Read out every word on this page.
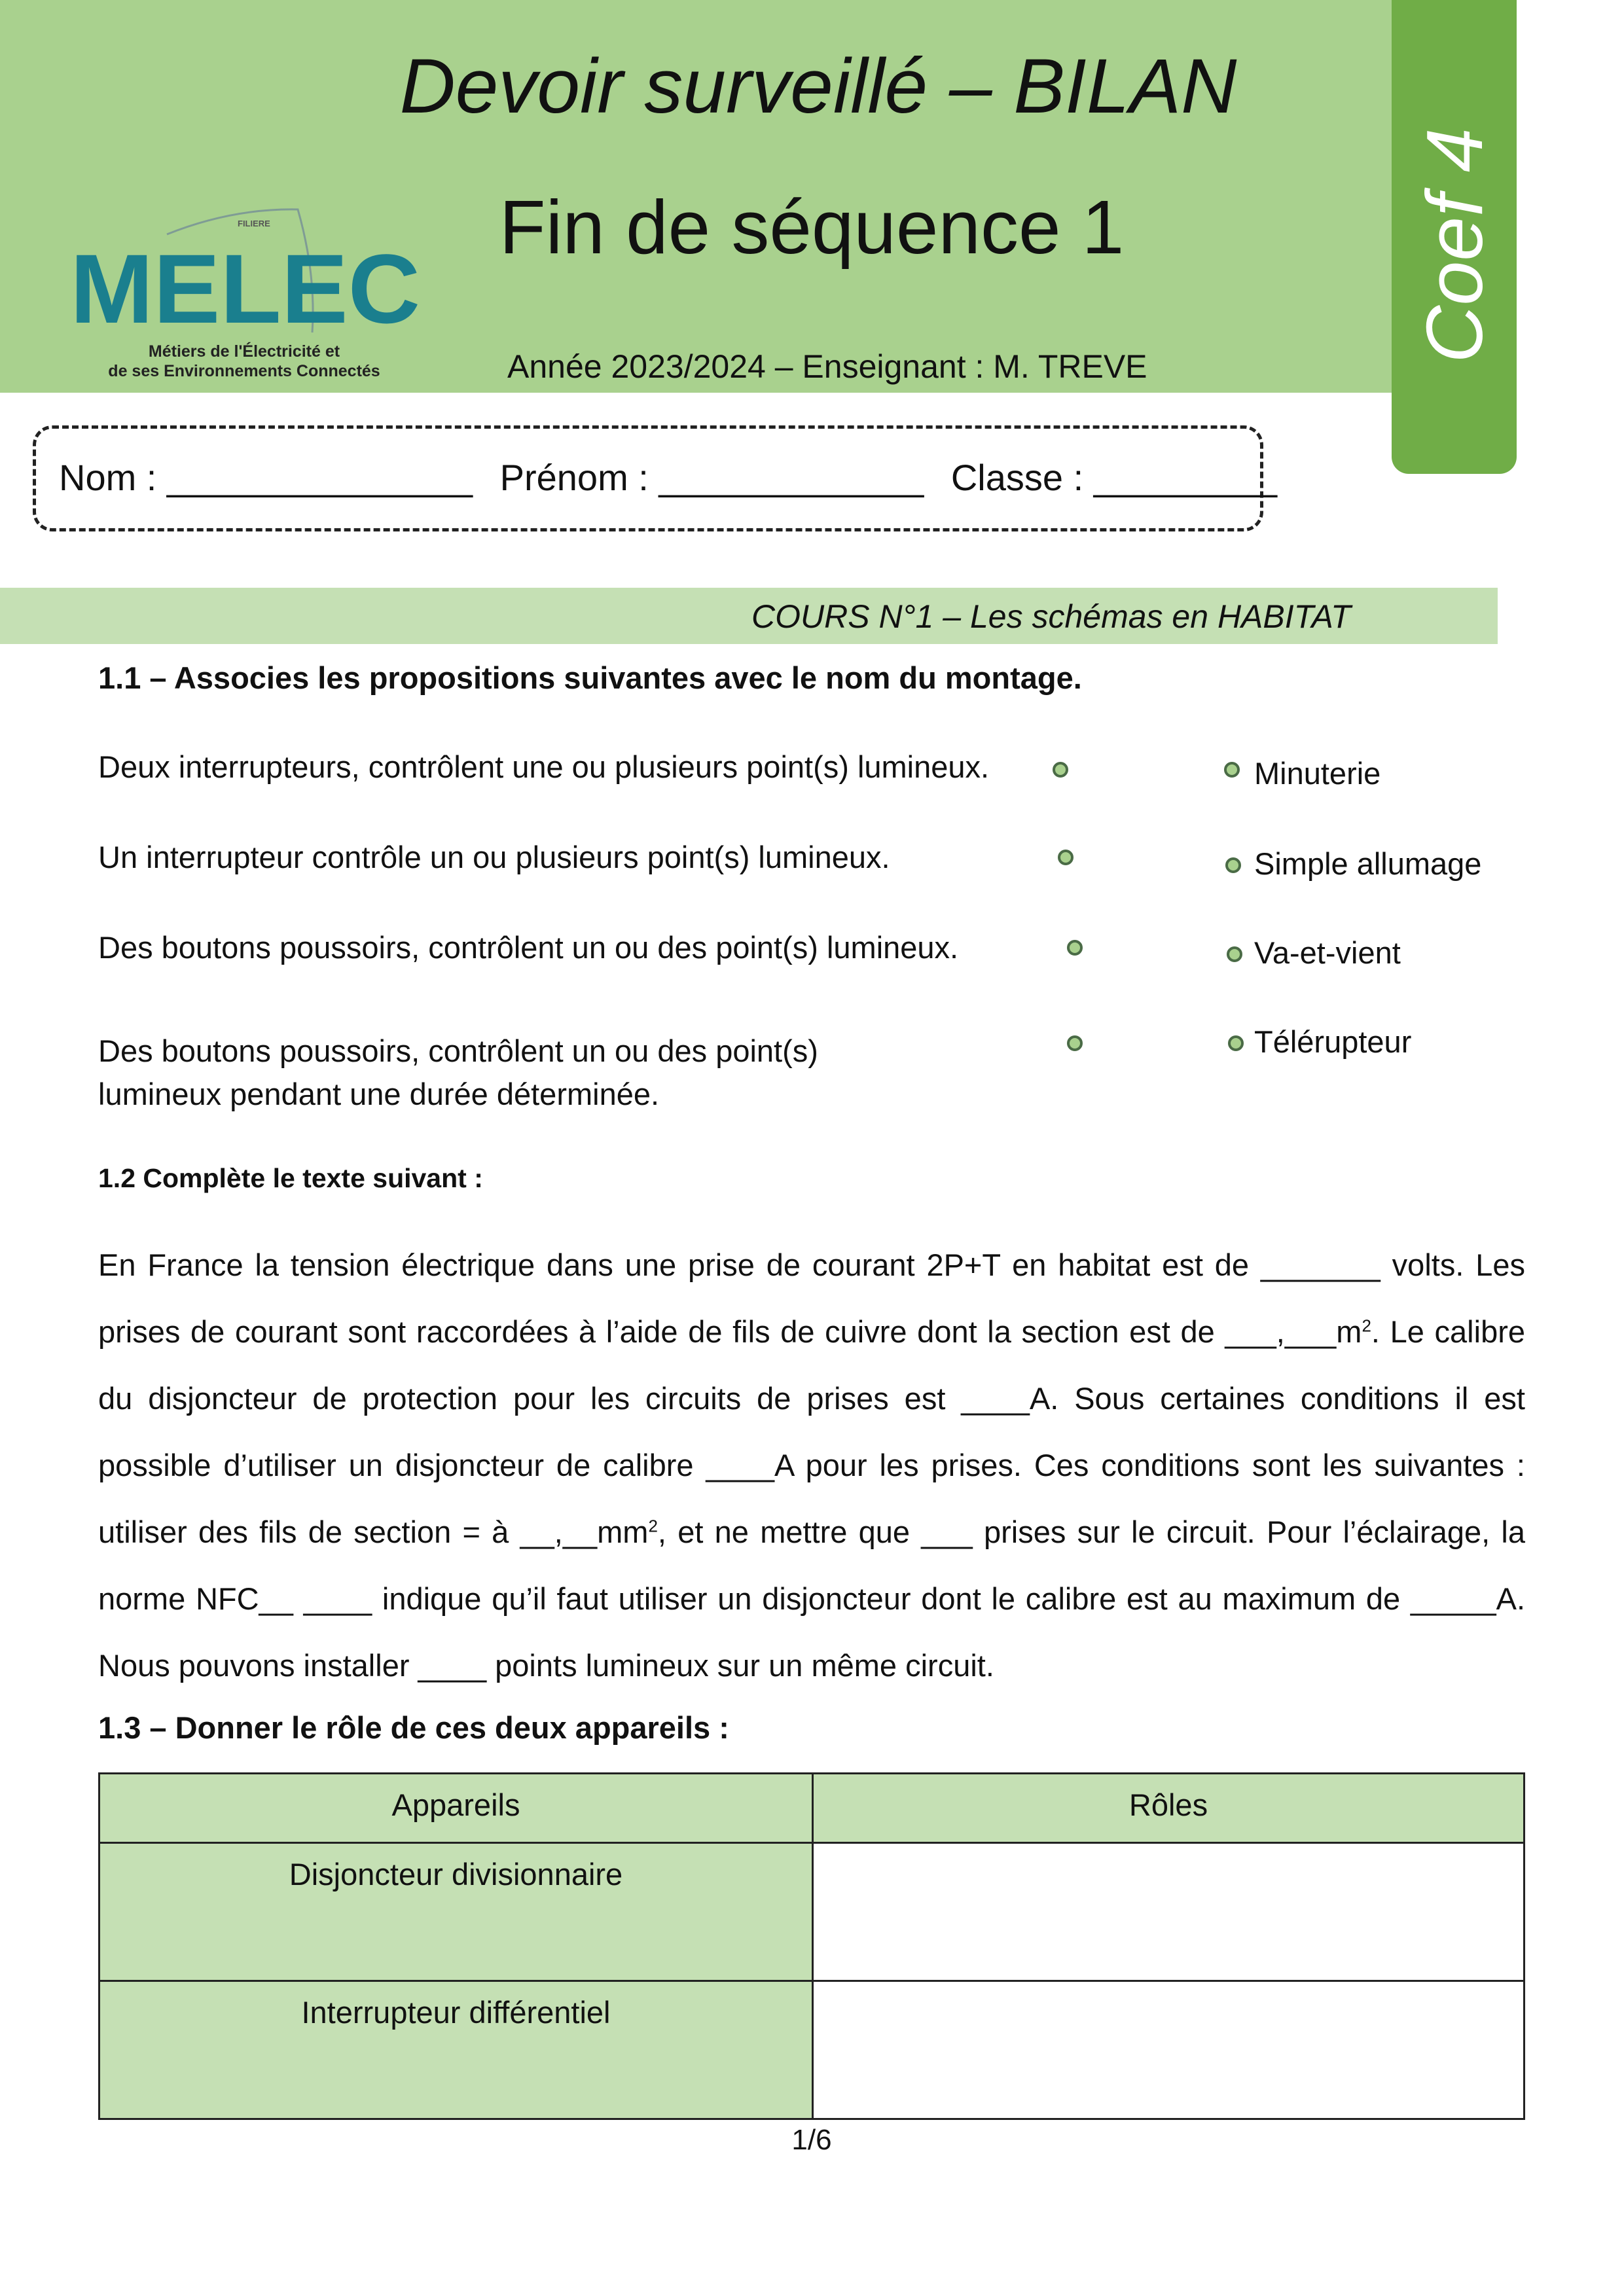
Coef 4
Devoir surveillé – BILAN
Fin de séquence 1
Année 2023/2024 – Enseignant : M. TREVE
FILIERE
MELEC
Métiers de l'Électricité et
de ses Environnements Connectés
Nom : _______________ Prénom : _____________ Classe : _________
COURS N°1 – Les schémas en HABITAT
1.1 – Associes les propositions suivantes avec le nom du montage.
Deux interrupteurs, contrôlent une ou plusieurs point(s) lumineux.
Un interrupteur contrôle un ou plusieurs point(s) lumineux.
Des boutons poussoirs, contrôlent un ou des point(s) lumineux.
Des boutons poussoirs, contrôlent un ou des point(s)
lumineux pendant une durée déterminée.
Minuterie
Simple allumage
Va-et-vient
Télérupteur
1.2 Complète le texte suivant :

En France la tension électrique dans une prise de courant 2P+T en habitat est de _______ volts. Les prises de courant sont raccordées à l’aide de fils de cuivre dont la section est de $\_\_\_,\_\_\_m^2$. Le calibre du disjoncteur de protection pour les circuits de prises est ____A. Sous certaines conditions il est possible d’utiliser un disjoncteur de calibre ____A pour les prises. Ces conditions sont les suivantes : utiliser des fils de section = à $\_\_,\_\_mm^2$, et ne mettre que ___ prises sur le circuit. Pour l’éclairage, la norme NFC__ ____ indique qu’il faut utiliser un disjoncteur dont le calibre est au maximum de _____A. Nous pouvons installer ____ points lumineux sur un même circuit.

1.3 – Donner le rôle de ces deux appareils :
Appareils	Rôles
Disjoncteur divisionnaire	
Interrupteur différentiel	
1/6
